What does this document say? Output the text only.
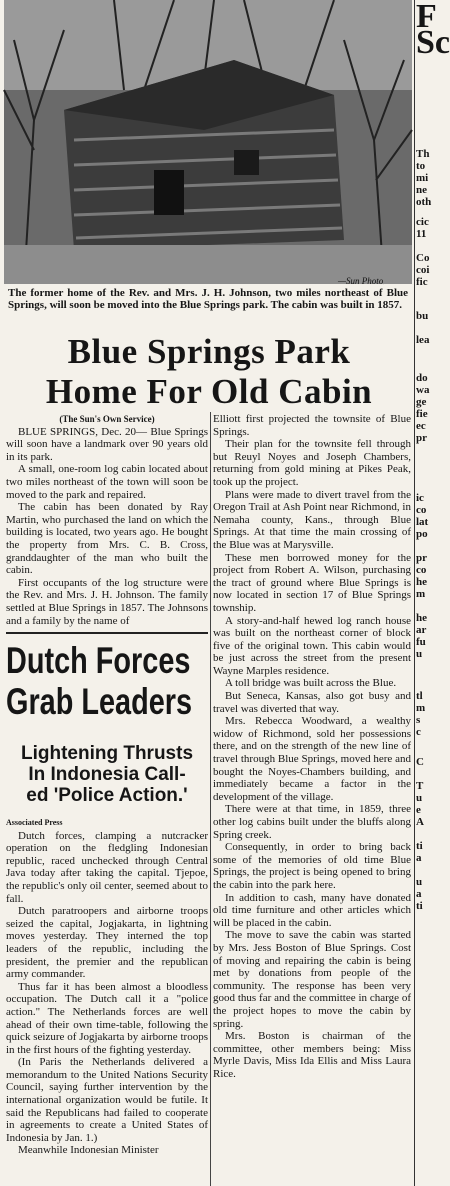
—Sun Photo
The former home of the Rev. and Mrs. J. H. Johnson, two miles northeast of Blue Springs, will soon be moved into the Blue Springs park. The cabin was built in 1857.
F
Sc
Th
to
mi
ne
oth
cic
11
Co
coi
fic
bu
lea
do
wa
ge
fie
ec
pr
ic
co
lat
po
pr
co
he
m
he
ar
fu
u
tl
m
s
c
C
T
u
e
A
ti
a
u
a
ti
Blue Springs Park
Home For Old Cabin

(The Sun's Own Service)

BLUE SPRINGS, Dec. 20— Blue Springs will soon have a landmark over 90 years old in its park.

A small, one-room log cabin located about two miles northeast of the town will soon be moved to the park and repaired.

The cabin has been donated by Ray Martin, who purchased the land on which the building is located, two years ago. He bought the property from Mrs. C. B. Cross, granddaughter of the man who built the cabin.

First occupants of the log structure were the Rev. and Mrs. J. H. Johnson. The family settled at Blue Springs in 1857. The Johnsons and a family by the name of

Elliott first projected the townsite of Blue Springs.

Their plan for the townsite fell through but Reuyl Noyes and Joseph Chambers, returning from gold mining at Pikes Peak, took up the project.

Plans were made to divert travel from the Oregon Trail at Ash Point near Richmond, in Nemaha county, Kans., through Blue Springs. At that time the main crossing of the Blue was at Marysville.

These men borrowed money for the project from Robert A. Wilson, purchasing the tract of ground where Blue Springs is now located in section 17 of Blue Springs township.

A story-and-half hewed log ranch house was built on the northeast corner of block five of the original town. This cabin would be just across the street from the present Wayne Marples residence.

A toll bridge was built across the Blue.

But Seneca, Kansas, also got busy and travel was diverted that way.

Mrs. Rebecca Woodward, a wealthy widow of Richmond, sold her possessions there, and on the strength of the new line of travel through Blue Springs, moved here and bought the Noyes-Chambers building, and immediately became a factor in the development of the village.

There were at that time, in 1859, three other log cabins built under the bluffs along Spring creek.

Consequently, in order to bring back some of the memories of old time Blue Springs, the project is being opened to bring the cabin into the park here.

In addition to cash, many have donated old time furniture and other articles which will be placed in the cabin.

The move to save the cabin was started by Mrs. Jess Boston of Blue Springs. Cost of moving and repairing the cabin is being met by donations from people of the community. The response has been very good thus far and the committee in charge of the project hopes to move the cabin by spring.

Mrs. Boston is chairman of the committee, other members being: Miss Myrle Davis, Miss Ida Ellis and Miss Laura Rice.

Dutch Forces
Grab Leaders
Lightening Thrusts
In Indonesia Call-
ed 'Police Action.'

Associated Press

Dutch forces, clamping a nutcracker operation on the fledgling Indonesian republic, raced unchecked through Central Java today after taking the capital. Tjepoe, the republic's only oil center, seemed about to fall.

Dutch paratroopers and airborne troops seized the capital, Jogjakarta, in lightning moves yesterday. They interned the top leaders of the republic, including the president, the premier and the republican army commander.

Thus far it has been almost a bloodless occupation. The Dutch call it a "police action." The Netherlands forces are well ahead of their own time-table, following the quick seizure of Jogjakarta by airborne troops in the first hours of the fighting yesterday.

(In Paris the Netherlands delivered a memorandum to the United Nations Security Council, saying further intervention by the international organization would be futile. It said the Republicans had failed to cooperate in agreements to create a United States of Indonesia by Jan. 1.)

Meanwhile Indonesian Minister
